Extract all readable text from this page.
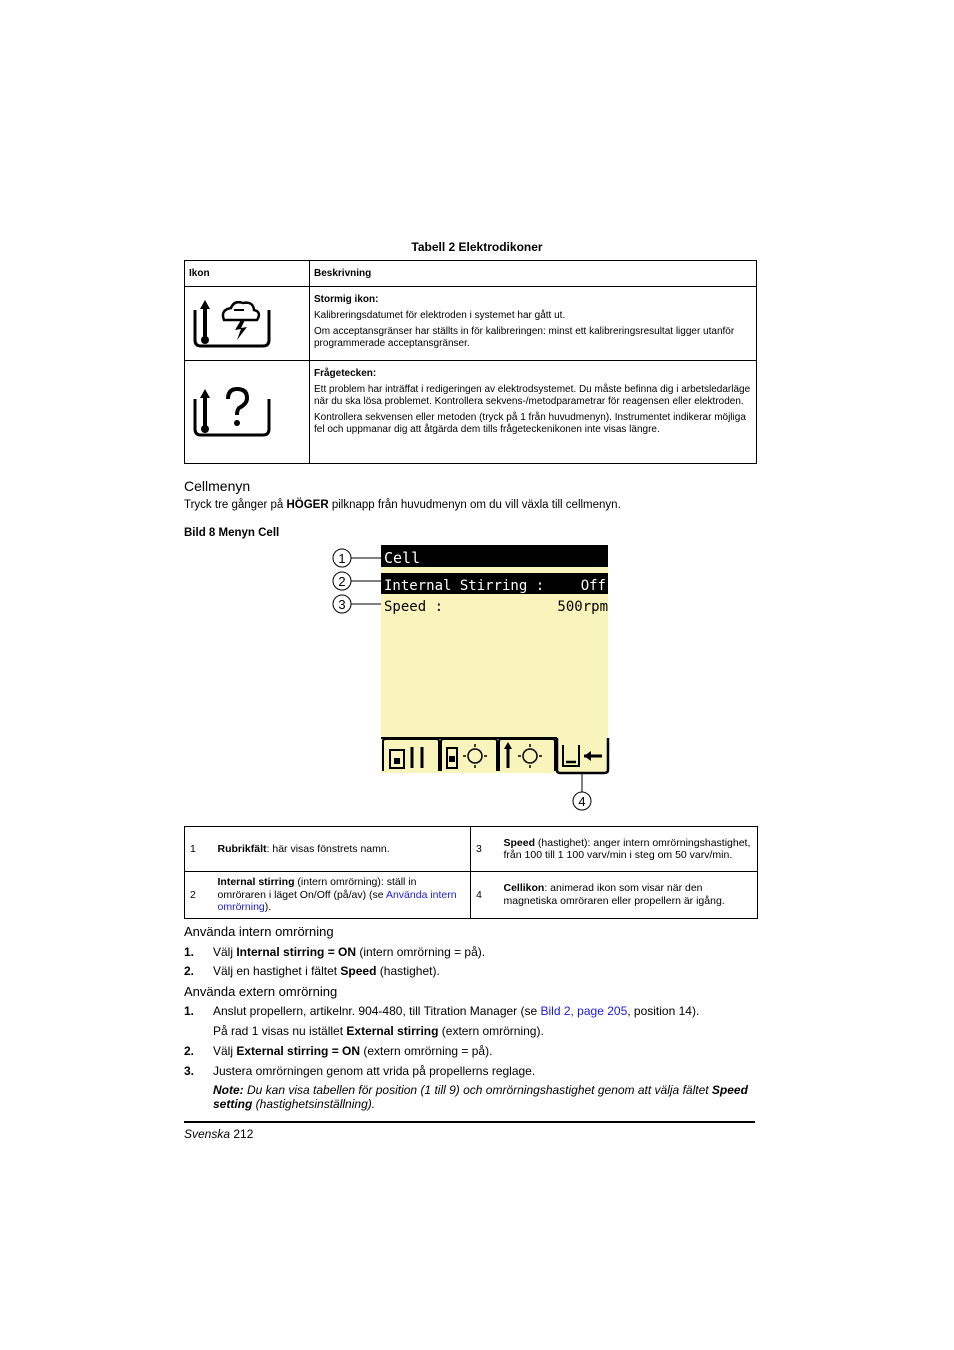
Tabell 2 Elektrodikoner
Ikon	Beskrivning

Stormig ikon:

Kalibreringsdatumet för elektroden i systemet har gått ut.

Om acceptansgränser har ställts in för kalibreringen: minst ett kalibreringsresultat ligger utanför programmerade acceptansgränser.

Frågetecken:

Ett problem har inträffat i redigeringen av elektrodsystemet. Du måste befinna dig i arbetsledarläge när du ska lösa problemet. Kontrollera sekvens-/metodparametrar för reagensen eller elektroden.

Kontrollera sekvensen eller metoden (tryck på 1 från huvudmenyn). Instrumentet indikerar möjliga fel och uppmanar dig att åtgärda dem tills frågeteckenikonen inte visas längre.

Cellmenyn
Tryck tre gånger på HÖGER pilknapp från huvudmenyn om du vill växla till cellmenyn.
Bild 8 Menyn Cell
Cell
Internal Stirring :	Off
Speed :	500rpm
1
2
3
4
1	Rubrikfält: här visas fönstrets namn.	3	Speed (hastighet): anger intern omrörningshastighet, från 100 till 1 100 varv/min i steg om 50 varv/min.
2	Internal stirring (intern omrörning): ställ in omröraren i läget On/Off (på/av) (se Använda intern omrörning).	4	Cellikon: animerad ikon som visar när den magnetiska omröraren eller propellern är igång.
Använda intern omrörning
1. Välj Internal stirring = ON (intern omrörning = på).
2. Välj en hastighet i fältet Speed (hastighet).
Använda extern omrörning
1. Anslut propellern, artikelnr. 904-480, till Titration Manager (se Bild 2, page 205, position 14).
På rad 1 visas nu istället External stirring (extern omrörning).
2. Välj External stirring = ON (extern omrörning = på).
3. Justera omrörningen genom att vrida på propellerns reglage.
Note: Du kan visa tabellen för position (1 till 9) och omrörningshastighet genom att välja fältet Speed setting (hastighetsinställning).
Svenska 212
